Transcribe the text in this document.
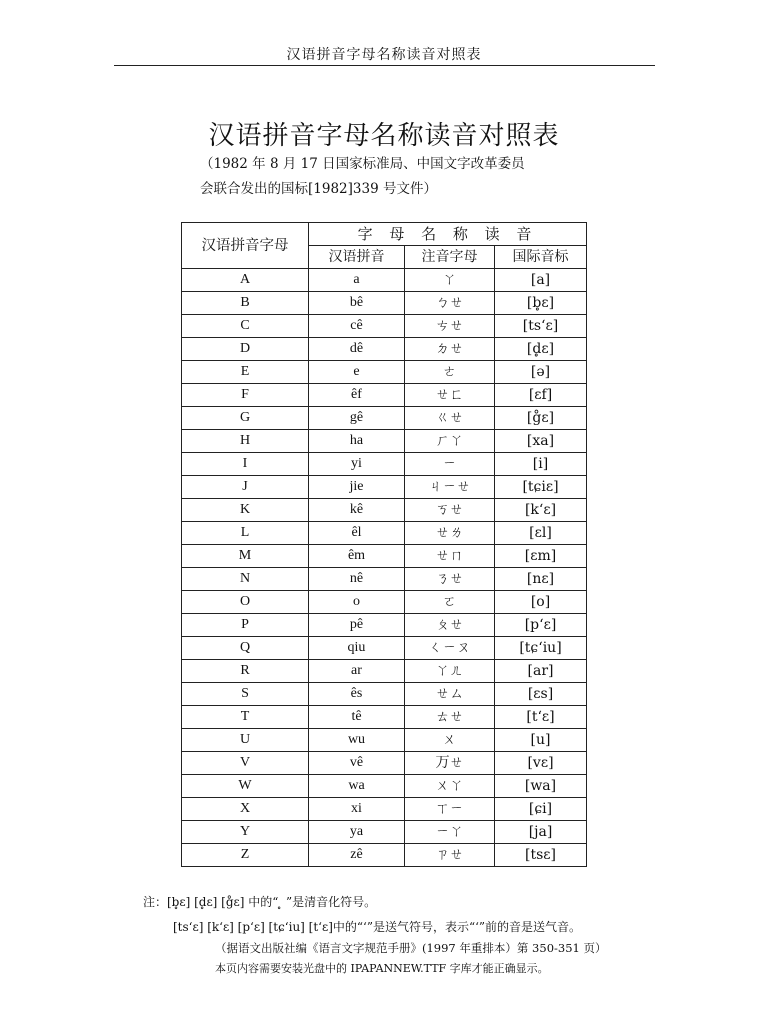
汉语拼音字母名称读音对照表
汉语拼音字母名称读音对照表
（1982 年 8 月 17 日国家标准局、中国文字改革委员
会联合发出的国标[1982]339 号文件）
汉语拼音字母	字 母 名 称 读 音		
	汉语拼音	注音字母	国际音标
A	a	ㄚ	[a]
B	bê	ㄅㄝ	[b̥ɛ]
C	cê	ㄘㄝ	[tsʻɛ]
D	dê	ㄉㄝ	[d̥ɛ]
E	e	ㄜ	[ə]
F	êf	ㄝㄈ	[ɛf]
G	gê	ㄍㄝ	[g̊ɛ]
H	ha	ㄏㄚ	[xa]
I	yi	ㄧ	[i]
J	jie	ㄐㄧㄝ	[tɕiɛ]
K	kê	ㄎㄝ	[kʻɛ]
L	êl	ㄝㄌ	[ɛl]
M	êm	ㄝㄇ	[ɛm]
N	nê	ㄋㄝ	[nɛ]
O	o	ㄛ	[o]
P	pê	ㄆㄝ	[pʻɛ]
Q	qiu	ㄑㄧㄡ	[tɕʻiu]
R	ar	ㄚㄦ	[ar]
S	ês	ㄝㄙ	[ɛs]
T	tê	ㄊㄝ	[tʻɛ]
U	wu	ㄨ	[u]
V	vê	ㄪㄝ	[vɛ]
W	wa	ㄨㄚ	[wa]
X	xi	ㄒㄧ	[ɕi]
Y	ya	ㄧㄚ	[ja]
Z	zê	ㄗㄝ	[tsɛ]
注：[b̥ɛ] [d̥ɛ] [g̊ɛ] 中的“ ̥ ”是清音化符号。
[tsʻɛ] [kʻɛ] [pʻɛ] [tɕʻiu] [tʻɛ]中的“ʻ”是送气符号，表示“ʻ”前的音是送气音。
（据语文出版社编《语言文字规范手册》(1997 年重排本）第 350-351 页）
本页内容需要安装光盘中的 IPAPANNEW.TTF 字库才能正确显示。
